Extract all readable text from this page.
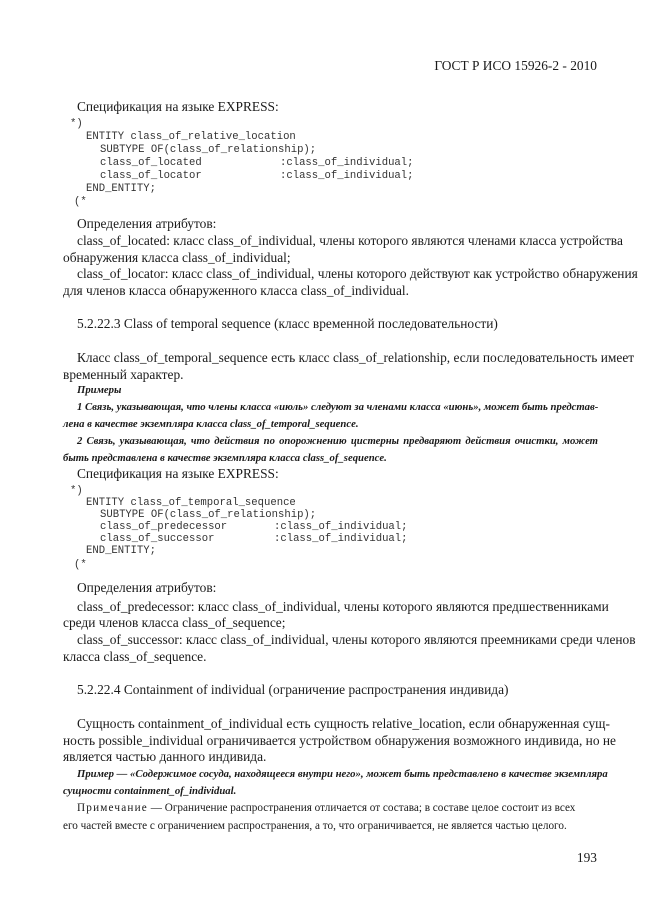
ГОСТ Р ИСО 15926-2 - 2010
Спецификация на языке EXPRESS:
*)
ENTITY class_of_relative_location
SUBTYPE OF(class_of_relationship);
class_of_located	:class_of_individual;
class_of_locator	:class_of_individual;
END_ENTITY;
(*
Определения атрибутов:
class_of_located: класс class_of_individual, члены которого являются членами класса устройства
обнаружения класса class_of_individual;
class_of_locator: класс class_of_individual, члены которого действуют как устройство обнаружения
для членов класса обнаруженного класса class_of_individual.
5.2.22.3 Class of temporal sequence (класс временной последовательности)
Класс class_of_temporal_sequence есть класс class_of_relationship, если последовательность имеет
временный характер.
Примеры
1 Связь, указывающая, что члены класса «июль» следуют за членами класса «июнь», может быть представ-
лена в качестве экземпляра класса class_of_temporal_sequence.
2 Связь, указывающая, что действия по опорожнению цистерны предваряют действия очистки, может
быть представлена в качестве экземпляра класса class_of_sequence.
Спецификация на языке EXPRESS:
*)
ENTITY class_of_temporal_sequence
SUBTYPE OF(class_of_relationship);
class_of_predecessor	:class_of_individual;
class_of_successor	:class_of_individual;
END_ENTITY;
(*
Определения атрибутов:
class_of_predecessor: класс class_of_individual, члены которого являются предшественниками
среди членов класса class_of_sequence;
class_of_successor: класс class_of_individual, члены которого являются преемниками среди членов
класса class_of_sequence.
5.2.22.4 Containment of individual (ограничение распространения индивида)
Сущность containment_of_individual есть сущность relative_location, если обнаруженная сущ-
ность possible_individual ограничивается устройством обнаружения возможного индивида, но не
является частью данного индивида.
Пример — «Содержимое сосуда, находящееся внутри него», может быть представлено в качестве экземпляра
сущности containment_of_individual.
Примечание — Ограничение распространения отличается от состава; в составе целое состоит из всех
его частей вместе с ограничением распространения, а то, что ограничивается, не является частью целого.
193
